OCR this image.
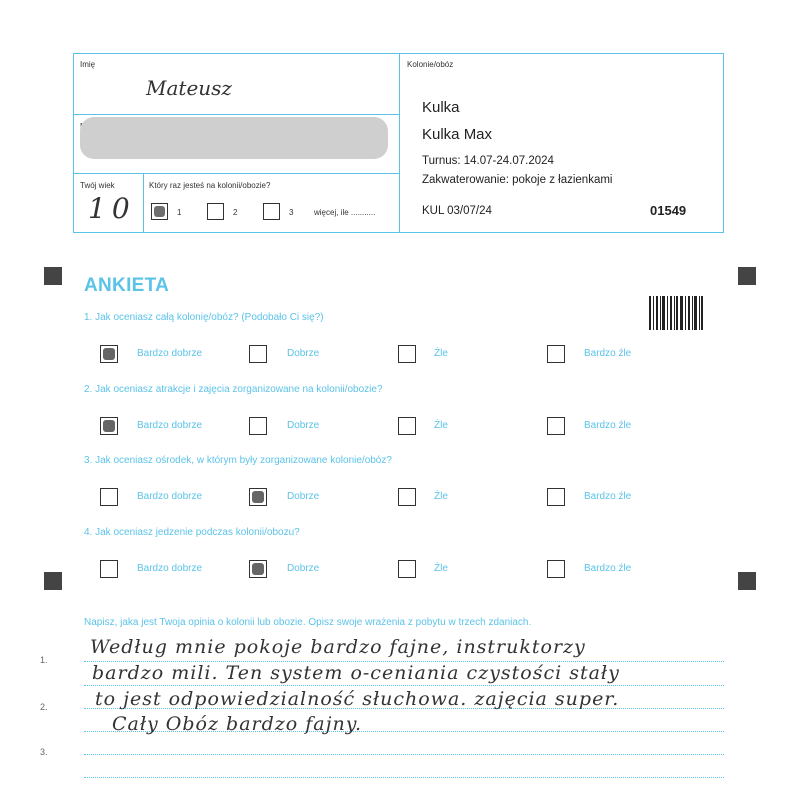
Imię
Mateusz
Twój wiek
10
Który raz jesteś na kolonii/obozie?
1	2	3	więcej, ile ...........
Kolonie/obóz
Kulka
Kulka Max
Turnus: 14.07-24.07.2024
Zakwaterowanie: pokoje z łazienkami
KUL 03/07/24	01549
ANKIETA
1. Jak oceniasz całą kolonię/obóz? (Podobało Ci się?)
Bardzo dobrze	Dobrze	Źle	Bardzo źle
2. Jak oceniasz atrakcje i zajęcia zorganizowane na kolonii/obozie?
Bardzo dobrze	Dobrze	Źle	Bardzo źle
3. Jak oceniasz ośrodek, w którym były zorganizowane kolonie/obóz?
Bardzo dobrze	Dobrze	Źle	Bardzo źle
4. Jak oceniasz jedzenie podczas kolonii/obozu?
Bardzo dobrze	Dobrze	Źle	Bardzo źle
Napisz, jaka jest Twoja opinia o kolonii lub obozie. Opisz swoje wrażenia z pobytu w trzech zdaniach.
1.
2.
3.
Według mnie pokoje bardzo fajne, instruktorzy
bardzo mili. Ten system o-ceniania czystości stały
to jest odpowiedzialność słuchowa. zajęcia super.
Cały Obóz bardzo fajny.
